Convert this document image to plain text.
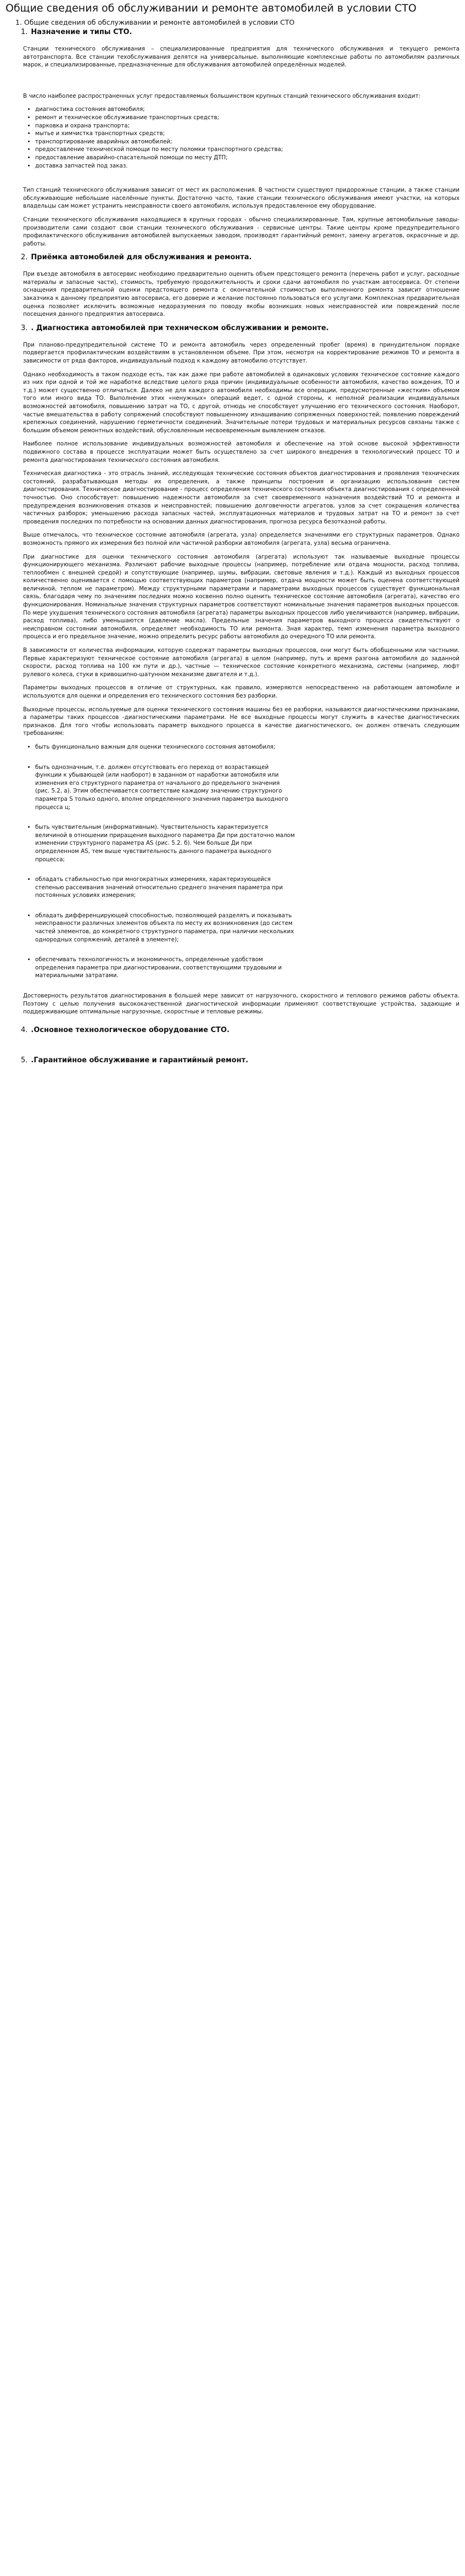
Общие сведения об обслуживании и ремонте автомобилей в условии СТО
1. Общие сведения об обслуживании и ремонте автомобилей в условии СТО
1. Назначение и типы СТО.

Станции технического обслуживания – специализированные предприятия для технического обслуживания и текущего ремонта автотранспорта. Все станции техобслуживания делятся на универсальные, выполняющие комплексные работы по автомобилям различных марок, и специализированные, предназначенные для обслуживания автомобилей определённых моделей.

В число наиболее распространенных услуг предоставляемых большинством крупных станций технического обслуживания входит:

• диагностика состояния автомобиля;
• ремонт и техническое обслуживание транспортных средств;
• парковка и охрана транспорта;
• мытье и химчистка транспортных средств;
• транспортирование аварийных автомобилей;
• предоставление технической помощи по месту поломки транспортного средства;
• предоставление аварийно-спасательной помощи по месту ДТП;
• доставка запчастей под заказ.

Тип станций технического обслуживания зависит от мест их расположения. В частности существуют придорожные станции, а также станции обслуживающие небольшие населённые пункты. Достаточно часто, такие станции технического обслуживания имеют участки, на которых владельцы сам может устранить неисправности своего автомобиля, используя предоставленное ему оборудование.

Станции технического обслуживания находящиеся в крупных городах - обычно специализированные. Там, крупные автомобильные заводы-производители сами создают свои станции технического обслуживания - сервисные центры. Такие центры кроме предупредительного профилактического обслуживания автомобилей выпускаемых заводом, производят гарантийный ремонт, замену агрегатов, окрасочные и др. работы.

2. Приёмка автомобилей для обслуживания и ремонта.

При въезде автомобиля в автосервис необходимо предварительно оценить объем предстоящего ремонта (перечень работ и услуг, расходные материалы и запасные части), стоимость, требуемую продолжительность и сроки сдачи автомобиля по участкам автосервиса. От степени оснащения предварительной оценки предстоящего ремонта с окончательной стоимостью выполненного ремонта зависит отношение заказчика к данному предприятию автосервиса, его доверие и желание постоянно пользоваться его услугами. Комплексная предварительная оценка позволяет исключить возможные недоразумения по поводу якобы возникших новых неисправностей или повреждений после посещения данного предприятия автосервиса.

3. . Диагностика автомобилей при техническом обслуживании и ремонте.

При планово-предупредительной системе ТО и ремонта автомобиль через определенный пробег (время) в принудительном порядке подвергается профилактическим воздействиям в установленном объеме. При этом, несмотря на корректирование режимов ТО и ремонта в зависимости от ряда факторов, индивидуальный подход к каждому автомобилю отсутствует.

Однако необходимость в таком подходе есть, так как даже при работе автомобилей в одинаковых условиях техническое состояние каждого из них при одной и той же наработке вследствие целого ряда причин (индивидуальные особенности автомобиля, качество вождения, ТО и т.д.) может существенно отличаться. Далеко не для каждого автомобиля необходимы все операции, предусмотренные «жестким» объемом того или иного вида ТО. Выполнение этих «ненужных» операций ведет, с одной стороны, к неполной реализации индивидуальных возможностей автомобиля, повышению затрат на ТО, с другой, отнюдь не способствует улучшению его технического состояния. Наоборот, частые вмешательства в работу сопряжений способствуют повышенному изнашиванию сопряженных поверхностей, появлению повреждений крепежных соединений, нарушению герметичности соединений. Значительные потери трудовых и материальных ресурсов связаны также с большим объемом ремонтных воздействий, обусловленным несвоевременным выявлением отказов.

Наиболее полное использование индивидуальных возможностей автомобиля и обеспечение на этой основе высокой эффективности подвижного состава в процессе эксплуатации может быть осуществлено за счет широкого внедрения в технологический процесс ТО и ремонта диагностирования технического состояния автомобиля.

Техническая диагностика - это отрасль знаний, исследующая технические состояния объектов диагностирования и проявления технических состояний, разрабатывающая методы их определения, а также принципы построения и организацию использования систем диагностирования. Техническое диагностирование - процесс определения технического состояния объекта диагностирования с определенной точностью. Оно способствует: повышению надежности автомобиля за счет своевременного назначения воздействий ТО и ремонта и предупреждения возникновения отказов и неисправностей; повышению долговечности агрегатов, узлов за счет сокращения количества частичных разборок; уменьшению расхода запасных частей, эксплуатационных материалов и трудовых затрат на ТО и ремонт за счет проведения последних по потребности на основании данных диагностирования, прогноза ресурса безотказной работы.

Выше отмечалось, что техническое состояние автомобиля (агрегата, узла) определяется значениями его структурных параметров. Однако возможность прямого их измерения без полной или частичной разборки автомобиля (агрегата, узла) весьма ограничена.

При диагностике для оценки технического состояния автомобиля (агрегата) используют так называемые выходные процессы функционирующего механизма. Различают рабочие выходные процессы (например, потребление или отдача мощности, расход топлива, теплообмен с внешней средой) и сопутствующие (например, шумы, вибрации, световые явления и т.д.). Каждый из выходных процессов количественно оценивается с помощью соответствующих параметров (например, отдача мощности может быть оценена соответствующей величиной, теплом не параметром). Между структурными параметрами и параметрами выходных процессов существует функциональная связь, благодаря чему по значениям последних можно косвенно полно оценить техническое состояние автомобиля (агрегата), качество его функционирования. Номинальные значения структурных параметров соответствуют номинальные значения параметров выходных процессов. По мере ухудшения технического состояния автомобиля (агрегата) параметры выходных процессов либо увеличиваются (например, вибрации, расход топлива), либо уменьшаются (давление масла). Предельные значения параметров выходного процесса свидетельствуют о неисправном состоянии автомобиля, определяет необходимость ТО или ремонта. Зная характер, темп изменения параметра выходного процесса и его предельное значение, можно определить ресурс работы автомобиля до очередного ТО или ремонта.

В зависимости от количества информации, которую содержат параметры выходных процессов, они могут быть обобщенными или частными. Первые характеризуют техническое состояние автомобиля (агрегата) в целом (например, путь и время разгона автомобиля до заданной скорости, расход топлива на 100 км пути и др.), частные — техническое состояние конкретного механизма, системы (например, люфт рулевого колеса, стуки в кривошипно-шатунном механизме двигателя и т.д.).

Параметры выходных процессов в отличие от структурных, как правило, измеряются непосредственно на работающем автомобиле и используются для оценки и определения его технического состояния без разборки.

Выходные процессы, используемые для оценки технического состояния машины без ее разборки, называются диагностическими признаками, а параметры таких процессов -диагностическими параметрами. Не все выходные процессы могут служить в качестве диагностических признаков. Для того чтобы использовать параметр выходного процесса в качестве диагностического, он должен отвечать следующим требованиям:

• быть функционально важным для оценки технического состояния автомобиля;
• быть однозначным, т.е. должен отсутствовать его переход от возрастающей функции к убывающей (или наоборот) в заданном от наработки автомобиля или изменения его структурного параметра от начального до предельного значения (рис. 5.2, а). Этим обеспечивается соответствие каждому значению структурного параметра S только одного, вполне определенного значения параметра выходного процесса ц;
• быть чувствительным (информативным). Чувствительность характеризуется величиной в отношении приращения выходного параметра Ди при достаточно малом изменении структурного параметра AS (рис. 5.2. б). Чем больше Ди при определенном AS, тем выше чувствительность данного параметра выходного процесса;
• обладать стабильностью при многократных измерениях, характеризующейся степенью рассеивания значений относительно среднего значения параметра при постоянных условиях измерения;
• обладать дифференцирующей способностью, позволяющей разделять и показывать неисправности различных элементов объекта по месту их возникновения (до систем частей элементов, до конкретного структурного параметра, при наличии нескольких однородных сопряжений, деталей в элементе);
• обеспечивать технологичность и экономичность, определенные удобством определения параметра при диагностировании, соответствующими трудовыми и материальными затратами.

Достоверность результатов диагностирования в большей мере зависит от нагрузочного, скоростного и теплового режимов работы объекта. Поэтому с целью получения высококачественной диагностической информации применяют соответствующие устройства, задающие и поддерживающие оптимальные нагрузочные, скоростные и тепловые режимы.

4. .Основное технологическое оборудование СТО.
5. .Гарантийное обслуживание и гарантийный ремонт.
